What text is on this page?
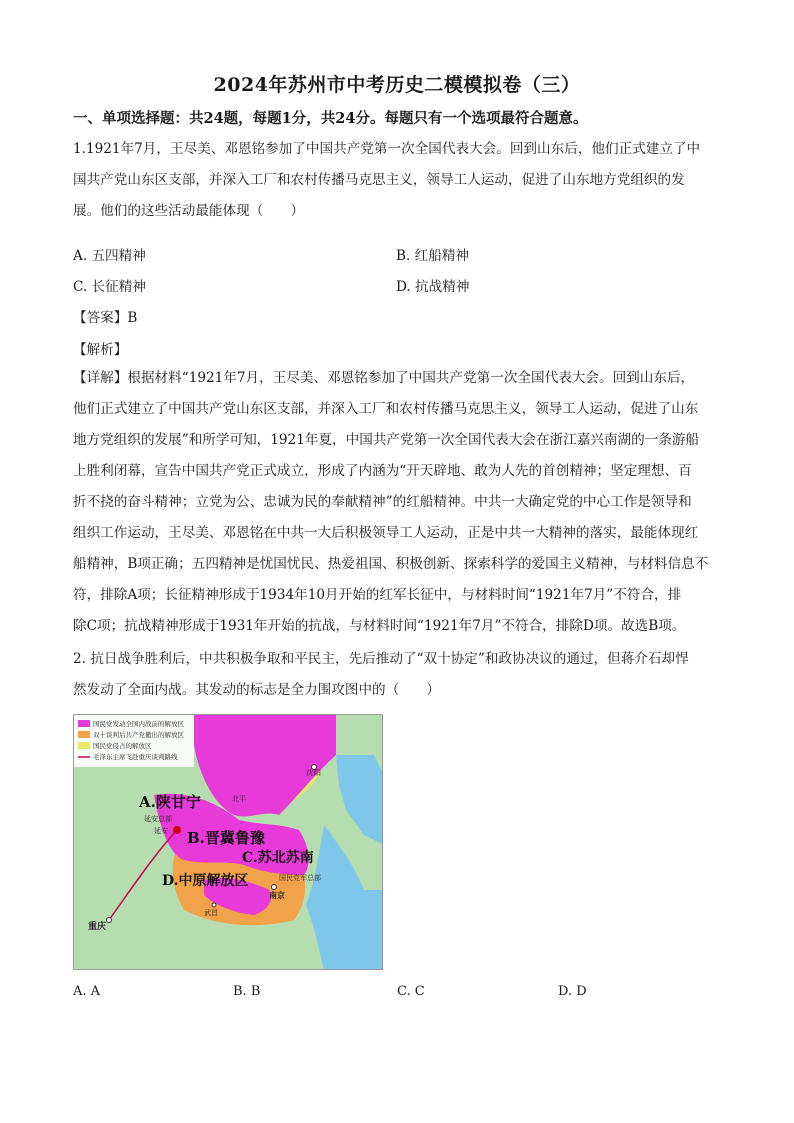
2024年苏州市中考历史二模模拟卷（三）
一、单项选择题：共24题，每题1分，共24分。每题只有一个选项最符合题意。
1.1921年7月，王尽美、邓恩铭参加了中国共产党第一次全国代表大会。回到山东后，他们正式建立了中
国共产党山东区支部，并深入工厂和农村传播马克思主义，领导工人运动，促进了山东地方党组织的发
展。他们的这些活动最能体现（　　）
A. 五四精神	B. 红船精神
C. 长征精神	D. 抗战精神
【答案】B
【解析】
【详解】根据材料“1921年7月，王尽美、邓恩铭参加了中国共产党第一次全国代表大会。回到山东后，
他们正式建立了中国共产党山东区支部，并深入工厂和农村传播马克思主义，领导工人运动，促进了山东
地方党组织的发展”和所学可知，1921年夏，中国共产党第一次全国代表大会在浙江嘉兴南湖的一条游船
上胜利闭幕，宣告中国共产党正式成立，形成了内涵为“开天辟地、敢为人先的首创精神；坚定理想、百
折不挠的奋斗精神；立党为公、忠诚为民的奉献精神”的红船精神。中共一大确定党的中心工作是领导和
组织工作运动，王尽美、邓恩铭在中共一大后积极领导工人运动，正是中共一大精神的落实，最能体现红
船精神，B项正确；五四精神是忧国忧民、热爱祖国、积极创新、探索科学的爱国主义精神，与材料信息不
符，排除A项；长征精神形成于1934年10月开始的红军长征中，与材料时间“1921年7月”不符合，排
除C项；抗战精神形成于1931年开始的抗战，与材料时间“1921年7月”不符合，排除D项。故选B项。
2. 抗日战争胜利后，中共积极争取和平民主，先后推动了“双十协定”和政协决议的通过，但蒋介石却悍
然发动了全面内战。其发动的标志是全力围攻图中的（　　）
国民党发动全国内战前的解放区
双十谈判后共产党撤出的解放区
国民党侵占的解放区
毛泽东主席飞赴重庆谈判路线
A.陕甘宁
B.晋冀鲁豫
C.苏北苏南
D.中原解放区
延安总部
延安
北平
沈阳
国民党军总部
南京
武昌
重庆
A. A	B. B	C. C	D. D
